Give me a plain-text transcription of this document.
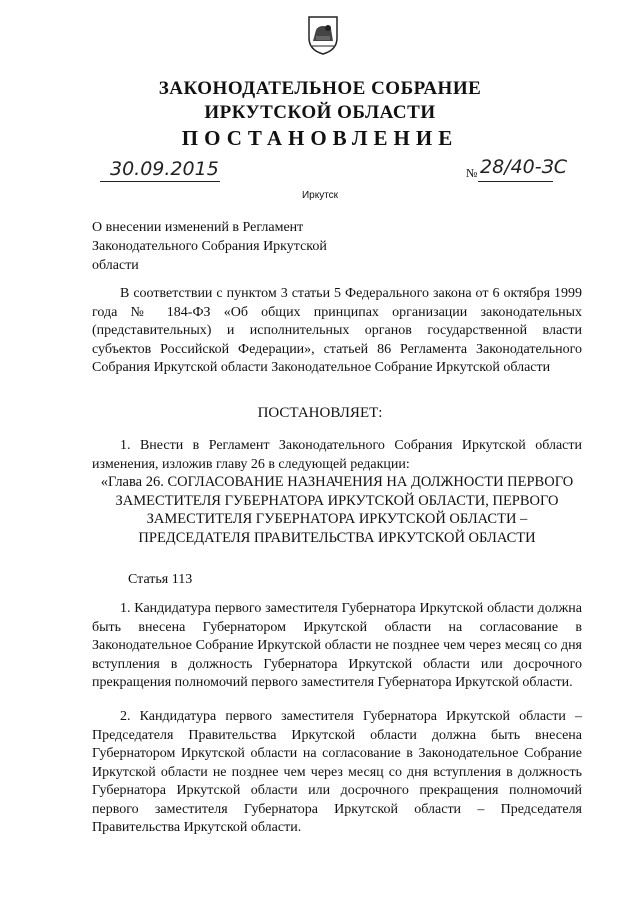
ЗАКОНОДАТЕЛЬНОЕ СОБРАНИЕ
ИРКУТСКОЙ ОБЛАСТИ
ПОСТАНОВЛЕНИЕ
30.09.2015	№ 28/40-ЗС
Иркутск
О внесении изменений в Регламент Законодательного Собрания Иркутской области
В соответствии с пунктом 3 статьи 5 Федерального закона от 6 октября 1999 года № 184-ФЗ «Об общих принципах организации законодательных (представительных) и исполнительных органов государственной власти субъектов Российской Федерации», статьей 86 Регламента Законодательного Собрания Иркутской области Законодательное Собрание Иркутской области
ПОСТАНОВЛЯЕТ:
1. Внести в Регламент Законодательного Собрания Иркутской области изменения, изложив главу 26 в следующей редакции:
«Глава 26. СОГЛАСОВАНИЕ НАЗНАЧЕНИЯ НА ДОЛЖНОСТИ ПЕРВОГО ЗАМЕСТИТЕЛЯ ГУБЕРНАТОРА ИРКУТСКОЙ ОБЛАСТИ, ПЕРВОГО ЗАМЕСТИТЕЛЯ ГУБЕРНАТОРА ИРКУТСКОЙ ОБЛАСТИ – ПРЕДСЕДАТЕЛЯ ПРАВИТЕЛЬСТВА ИРКУТСКОЙ ОБЛАСТИ
Статья 113
1. Кандидатура первого заместителя Губернатора Иркутской области должна быть внесена Губернатором Иркутской области на согласование в Законодательное Собрание Иркутской области не позднее чем через месяц со дня вступления в должность Губернатора Иркутской области или досрочного прекращения полномочий первого заместителя Губернатора Иркутской области.
2. Кандидатура первого заместителя Губернатора Иркутской области – Председателя Правительства Иркутской области должна быть внесена Губернатором Иркутской области на согласование в Законодательное Собрание Иркутской области не позднее чем через месяц со дня вступления в должность Губернатора Иркутской области или досрочного прекращения полномочий первого заместителя Губернатора Иркутской области – Председателя Правительства Иркутской области.
